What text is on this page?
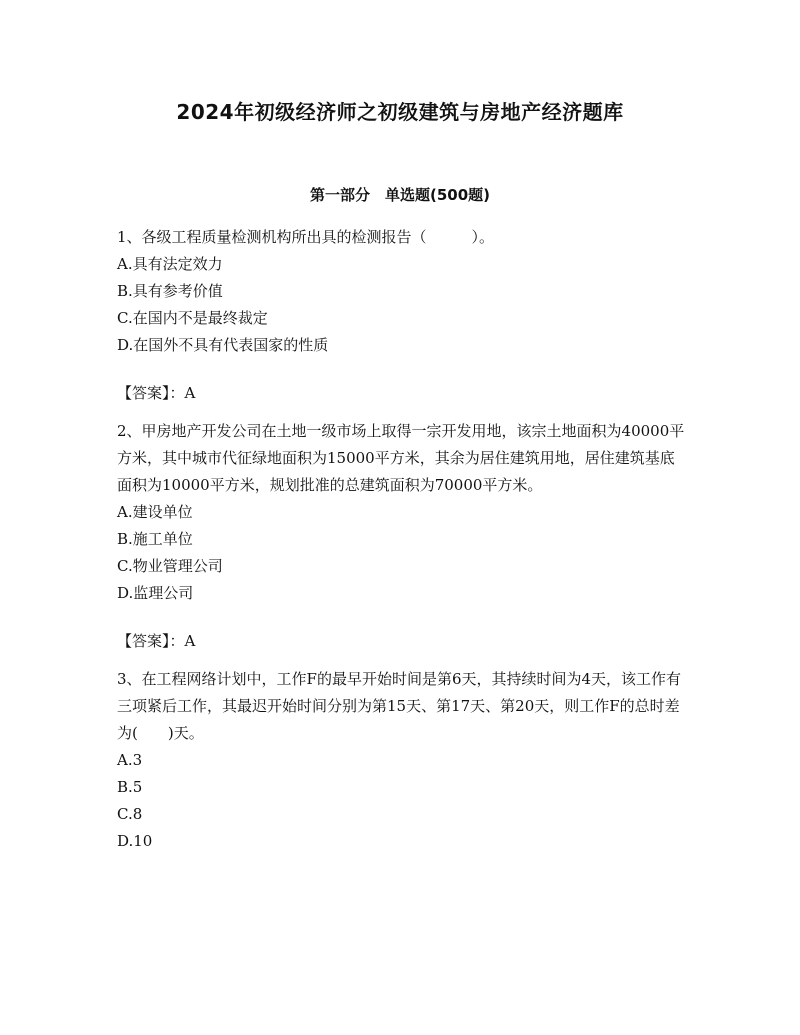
2024年初级经济师之初级建筑与房地产经济题库
第一部分　单选题(500题)

1、各级工程质量检测机构所出具的检测报告（　　　）。

A.具有法定效力

B.具有参考价值

C.在国内不是最终裁定

D.在国外不具有代表国家的性质

【答案】：A

2、甲房地产开发公司在土地一级市场上取得一宗开发用地，该宗土地面积为40000平方米，其中城市代征绿地面积为15000平方米，其余为居住建筑用地，居住建筑基底面积为10000平方米，规划批准的总建筑面积为70000平方米。

A.建设单位

B.施工单位

C.物业管理公司

D.监理公司

【答案】：A

3、在工程网络计划中，工作F的最早开始时间是第6天，其持续时间为4天，该工作有三项紧后工作，其最迟开始时间分别为第15天、第17天、第20天，则工作F的总时差为(　　)天。

A.3

B.5

C.8

D.10
